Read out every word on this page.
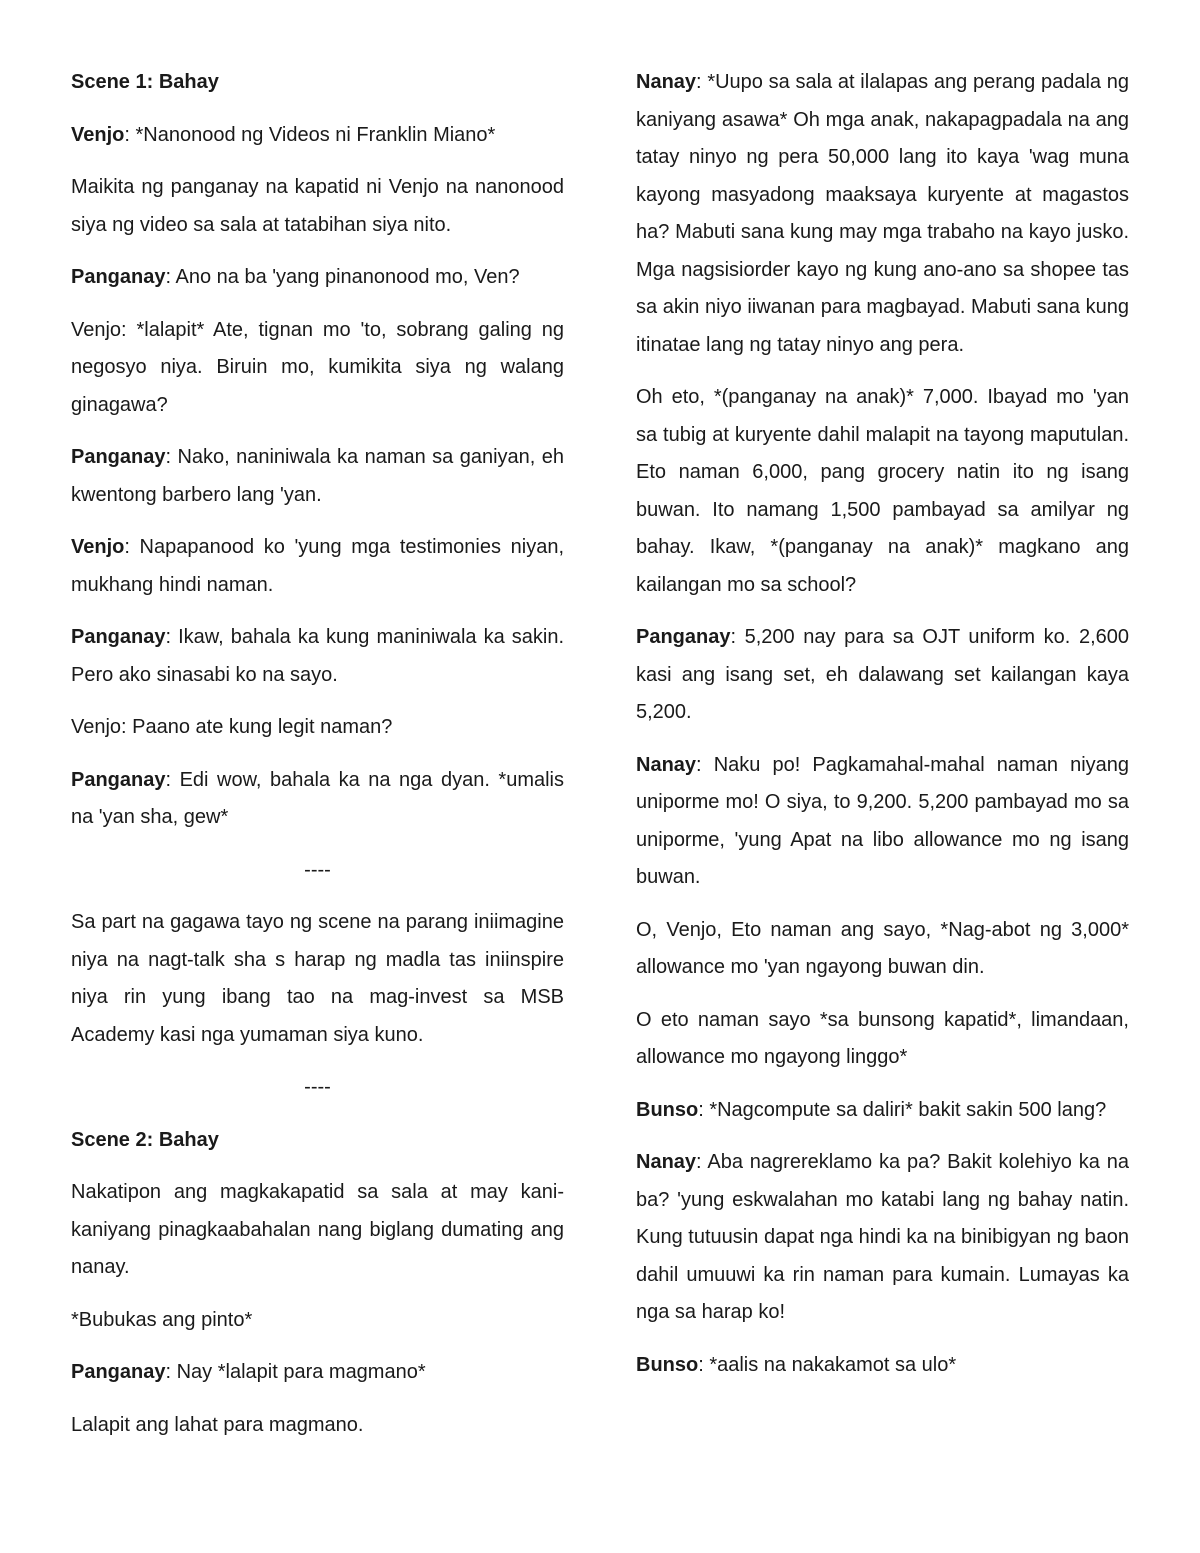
Scene 1: Bahay
Venjo: *Nanonood ng Videos ni Franklin Miano*
Maikita ng panganay na kapatid ni Venjo na nanonood siya ng video sa sala at tatabihan siya nito.
Panganay: Ano na ba 'yang pinanonood mo, Ven?
Venjo: *lalapit* Ate, tignan mo 'to, sobrang galing ng negosyo niya. Biruin mo, kumikita siya ng walang ginagawa?
Panganay: Nako, naniniwala ka naman sa ganiyan, eh kwentong barbero lang 'yan.
Venjo: Napapanood ko 'yung mga testimonies niyan, mukhang hindi naman.
Panganay: Ikaw, bahala ka kung maniniwala ka sakin. Pero ako sinasabi ko na sayo.
Venjo: Paano ate kung legit naman?
Panganay: Edi wow, bahala ka na nga dyan. *umalis na 'yan sha, gew*
----
Sa part na gagawa tayo ng scene na parang iniimagine niya na nagt-talk sha s harap ng madla tas iniinspire niya rin yung ibang tao na mag-invest sa MSB Academy kasi nga yumaman siya kuno.
----
Scene 2: Bahay
Nakatipon ang magkakapatid sa sala at may kani-kaniyang pinagkaabahalan nang biglang dumating ang nanay.
*Bubukas ang pinto*
Panganay: Nay *lalapit para magmano*
Lalapit ang lahat para magmano.
Nanay: *Uupo sa sala at ilalapas ang perang padala ng kaniyang asawa* Oh mga anak, nakapagpadala na ang tatay ninyo ng pera 50,000 lang ito kaya 'wag muna kayong masyadong maaksaya kuryente at magastos ha? Mabuti sana kung may mga trabaho na kayo jusko. Mga nagsisiorder kayo ng kung ano-ano sa shopee tas sa akin niyo iiwanan para magbayad. Mabuti sana kung itinatae lang ng tatay ninyo ang pera.
Oh eto, *(panganay na anak)* 7,000. Ibayad mo 'yan sa tubig at kuryente dahil malapit na tayong maputulan. Eto naman 6,000, pang grocery natin ito ng isang buwan. Ito namang 1,500 pambayad sa amilyar ng bahay. Ikaw, *(panganay na anak)* magkano ang kailangan mo sa school?
Panganay: 5,200 nay para sa OJT uniform ko. 2,600 kasi ang isang set, eh dalawang set kailangan kaya 5,200.
Nanay: Naku po! Pagkamahal-mahal naman niyang uniporme mo! O siya, to 9,200. 5,200 pambayad mo sa uniporme, 'yung Apat na libo allowance mo ng isang buwan.
O, Venjo, Eto naman ang sayo, *Nag-abot ng 3,000* allowance mo 'yan ngayong buwan din.
O eto naman sayo *sa bunsong kapatid*, limandaan, allowance mo ngayong linggo*
Bunso: *Nagcompute sa daliri* bakit sakin 500 lang?
Nanay: Aba nagrereklamo ka pa? Bakit kolehiyo ka na ba? 'yung eskwalahan mo katabi lang ng bahay natin. Kung tutuusin dapat nga hindi ka na binibigyan ng baon dahil umuuwi ka rin naman para kumain. Lumayas ka nga sa harap ko!
Bunso: *aalis na nakakamot sa ulo*
